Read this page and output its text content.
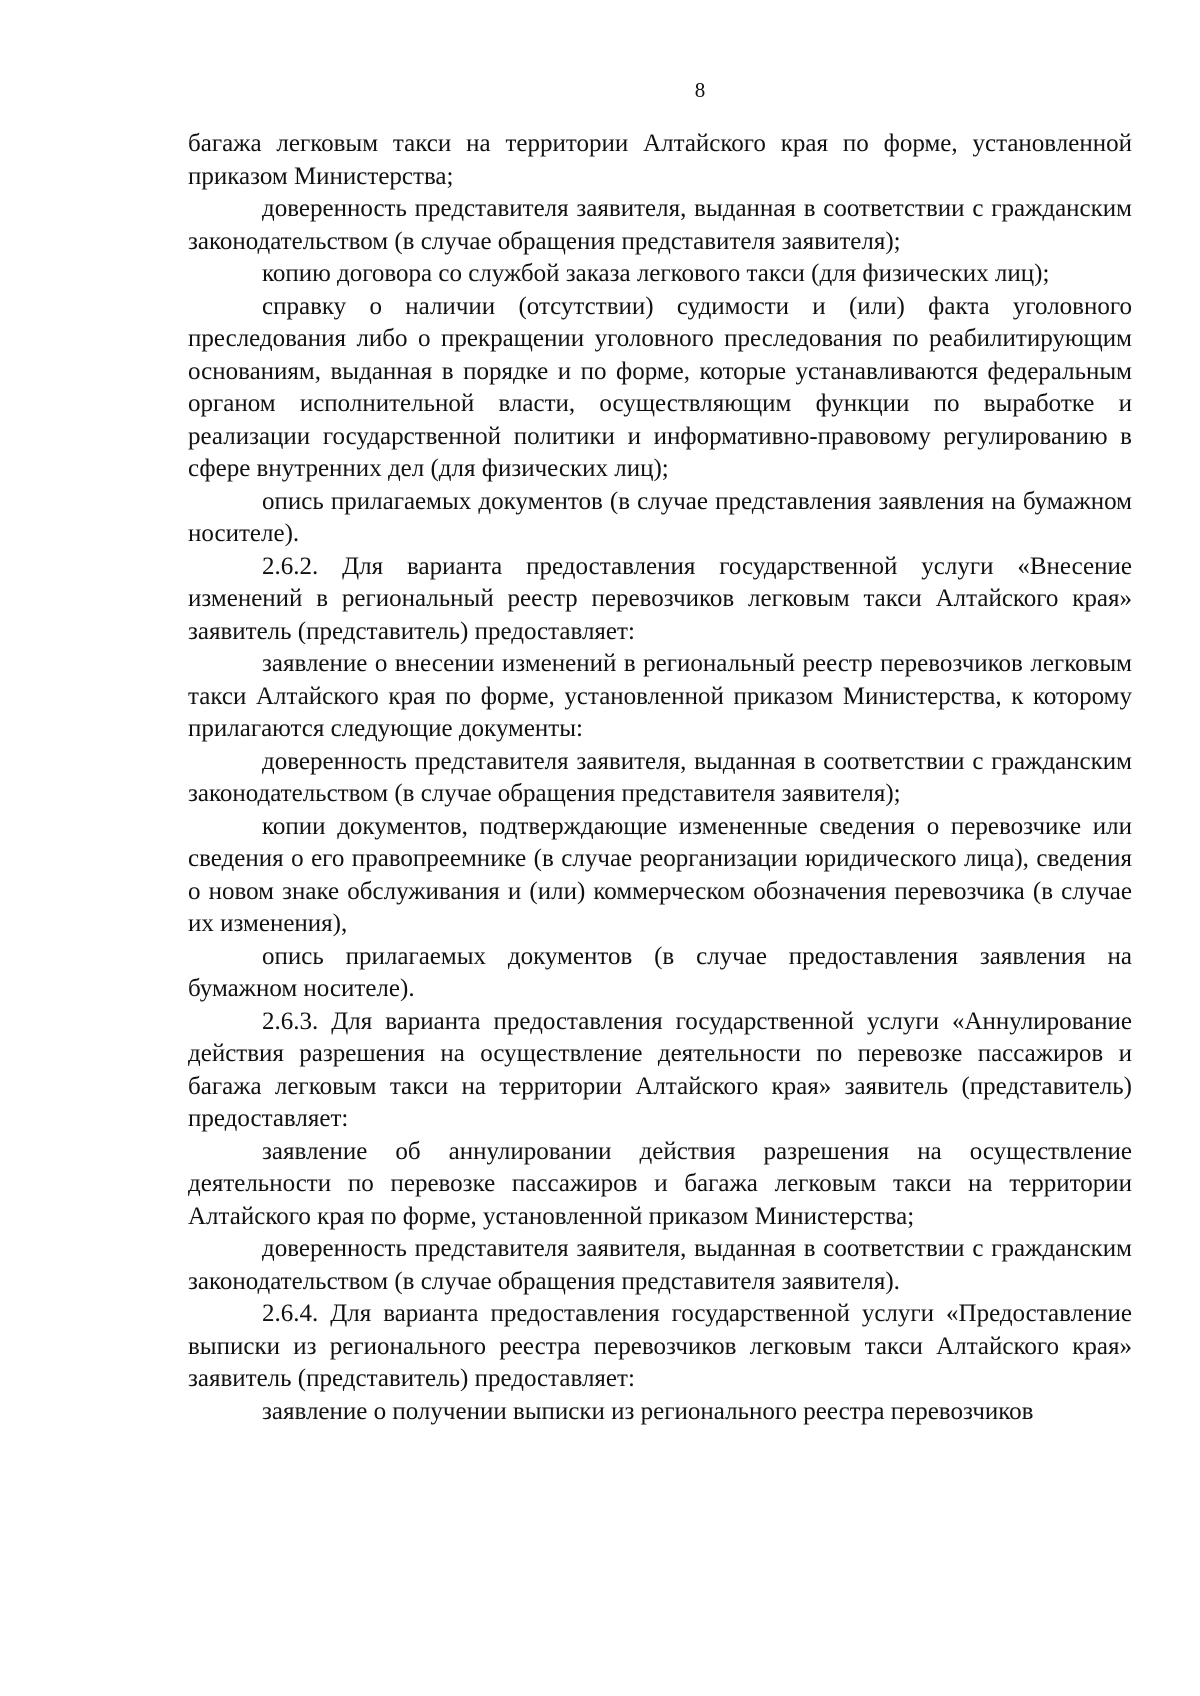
8

багажа легковым такси на территории Алтайского края по форме, установленной приказом Министерства;

доверенность представителя заявителя, выданная в соответствии с гражданским законодательством (в случае обращения представителя заявителя);

копию договора со службой заказа легкового такси (для физических лиц);

справку о наличии (отсутствии) судимости и (или) факта уголовного преследования либо о прекращении уголовного преследования по реабилитирующим основаниям, выданная в порядке и по форме, которые устанавливаются федеральным органом исполнительной власти, осуществляющим функции по выработке и реализации государственной политики и информативно-правовому регулированию в сфере внутренних дел (для физических лиц);

опись прилагаемых документов (в случае представления заявления на бумажном носителе).

2.6.2. Для варианта предоставления государственной услуги «Внесение изменений в региональный реестр перевозчиков легковым такси Алтайского края» заявитель (представитель) предоставляет:

заявление о внесении изменений в региональный реестр перевозчиков легковым такси Алтайского края по форме, установленной приказом Министерства, к которому прилагаются следующие документы:

доверенность представителя заявителя, выданная в соответствии с гражданским законодательством (в случае обращения представителя заявителя);

копии документов, подтверждающие измененные сведения о перевозчике или сведения о его правопреемнике (в случае реорганизации юридического лица), сведения о новом знаке обслуживания и (или) коммерческом обозначения перевозчика (в случае их изменения),

опись прилагаемых документов (в случае предоставления заявления на бумажном носителе).

2.6.3. Для варианта предоставления государственной услуги «Аннулирование действия разрешения на осуществление деятельности по перевозке пассажиров и багажа легковым такси на территории Алтайского края» заявитель (представитель) предоставляет:

заявление об аннулировании действия разрешения на осуществление деятельности по перевозке пассажиров и багажа легковым такси на территории Алтайского края по форме, установленной приказом Министерства;

доверенность представителя заявителя, выданная в соответствии с гражданским законодательством (в случае обращения представителя заявителя).

2.6.4. Для варианта предоставления государственной услуги «Предоставление выписки из регионального реестра перевозчиков легковым такси Алтайского края» заявитель (представитель) предоставляет:

заявление о получении выписки из регионального реестра перевозчиков
